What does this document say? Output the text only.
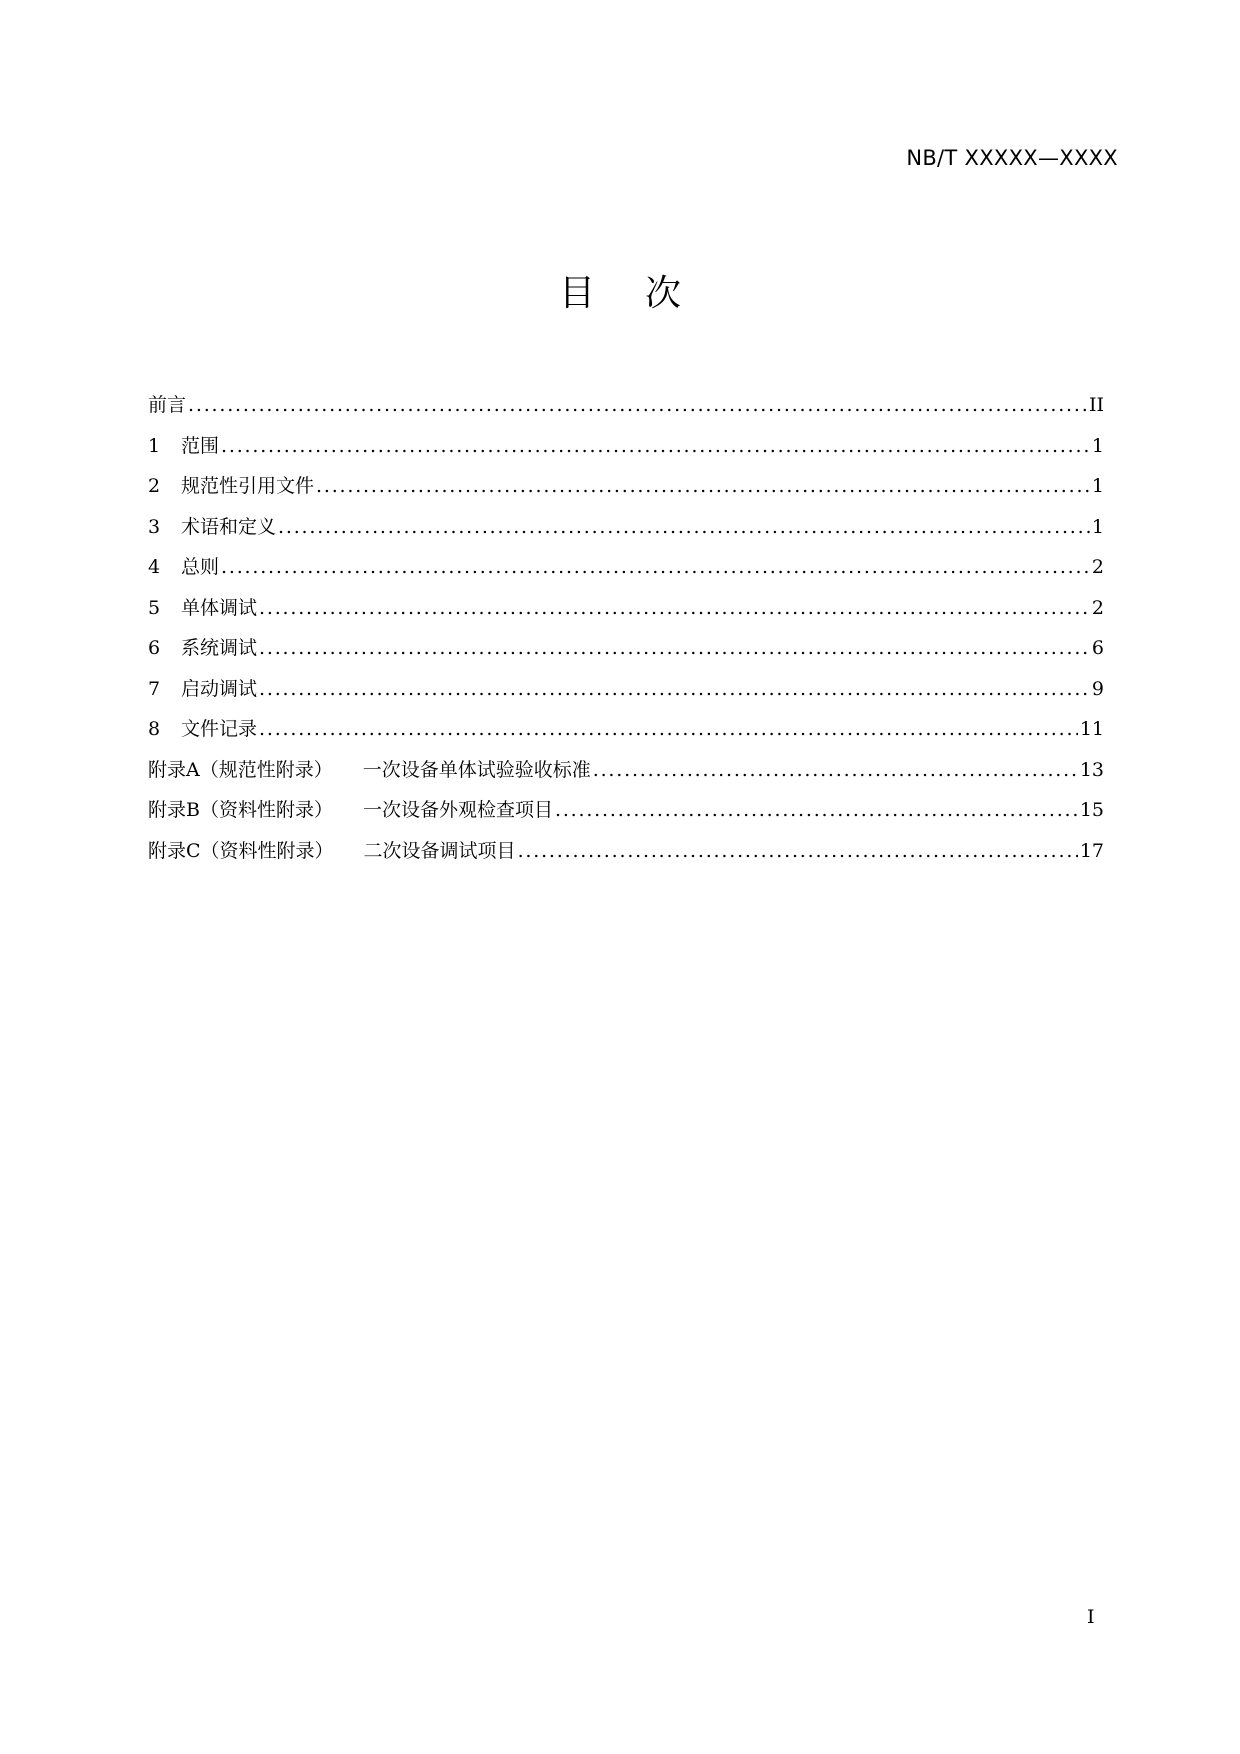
NB/T XXXXX—XXXX
目次
前言 .....	II
1	范围 .....	1
2	规范性引用文件 .....	1
3	术语和定义 .....	1
4	总则 .....	2
5	单体调试 .....	2
6	系统调试 .....	6
7	启动调试 .....	9
8	文件记录 .....	11
附录A（规范性附录） 一次设备单体试验验收标准 .....	13
附录B（资料性附录） 一次设备外观检查项目 .....	15
附录C（资料性附录） 二次设备调试项目 .....	17
I
